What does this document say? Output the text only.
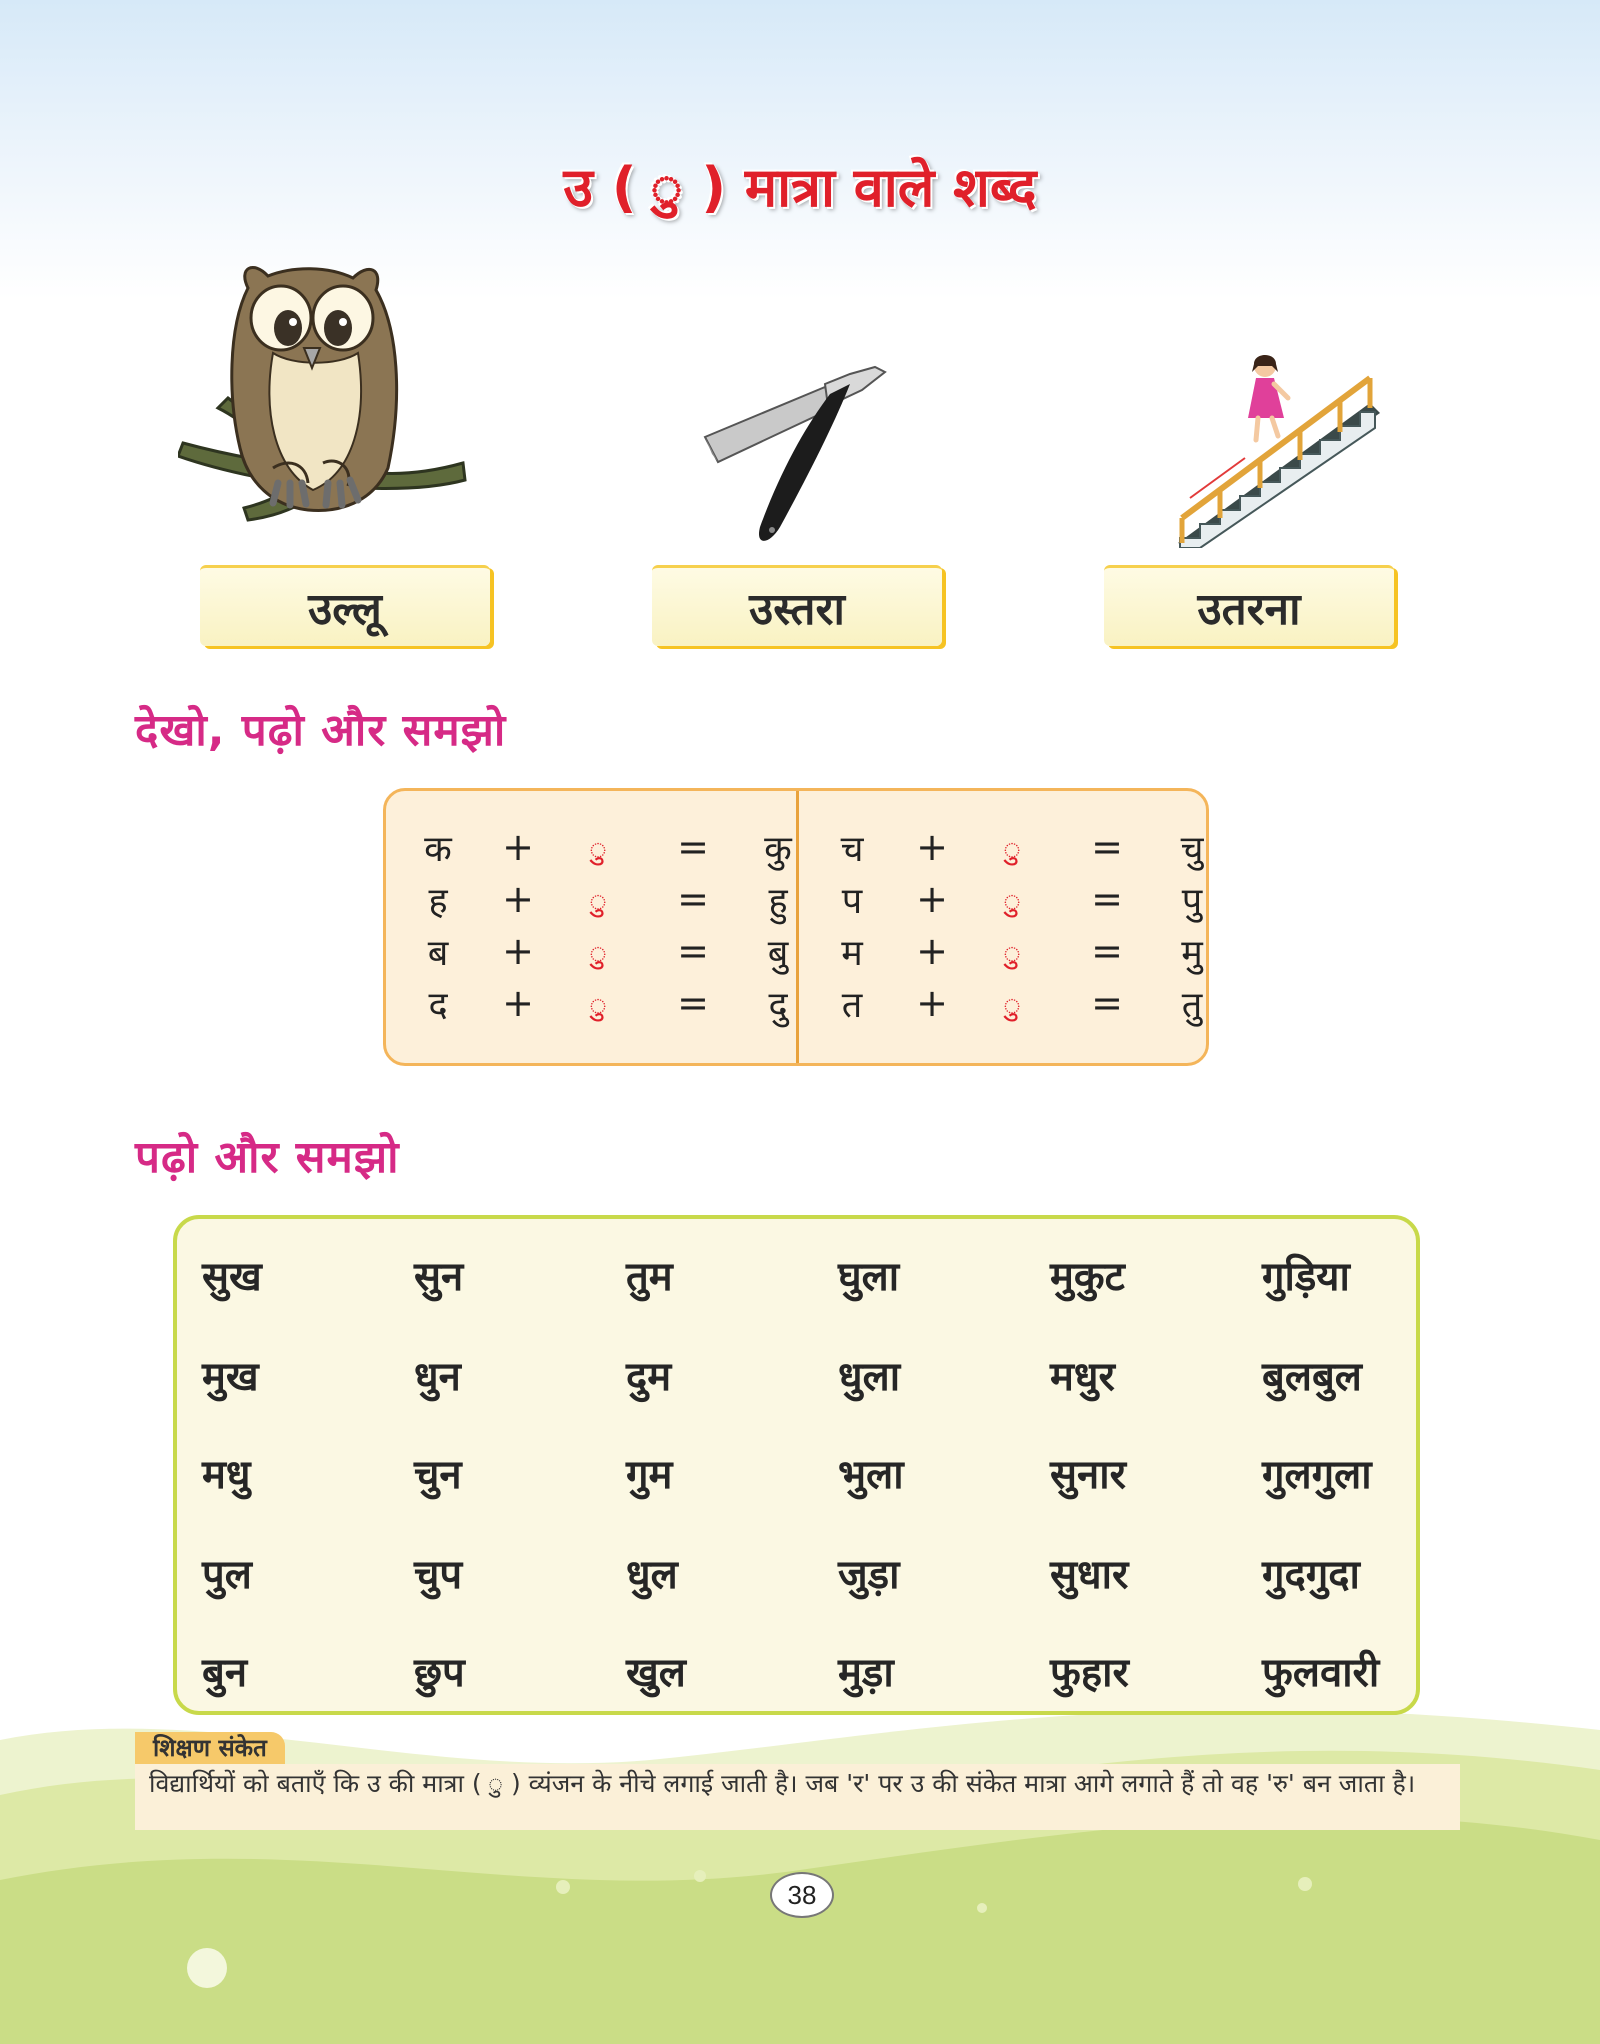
उ ( ु ) मात्रा वाले शब्द
उल्लू	उस्तरा	उतरना
देखो, पढ़ो और समझो
क	+	ु	=	कु
ह	+	ु	=	हु
ब	+	ु	=	बु
द	+	ु	=	दु
च	+	ु	=	चु
प	+	ु	=	पु
म	+	ु	=	मु
त	+	ु	=	तु
पढ़ो और समझो
सुख	सुन	तुम	घुला	मुकुट	गुड़िया
मुख	धुन	दुम	धुला	मधुर	बुलबुल
मधु	चुन	गुम	भुला	सुनार	गुलगुला
पुल	चुप	धुल	जुड़ा	सुधार	गुदगुदा
बुन	छुप	खुल	मुड़ा	फुहार	फुलवारी
शिक्षण संकेत
विद्यार्थियों को बताएँ कि उ की मात्रा ( ु ) व्यंजन के नीचे लगाई जाती है। जब 'र' पर उ की संकेत मात्रा आगे लगाते हैं तो वह 'रु' बन जाता है।
38
